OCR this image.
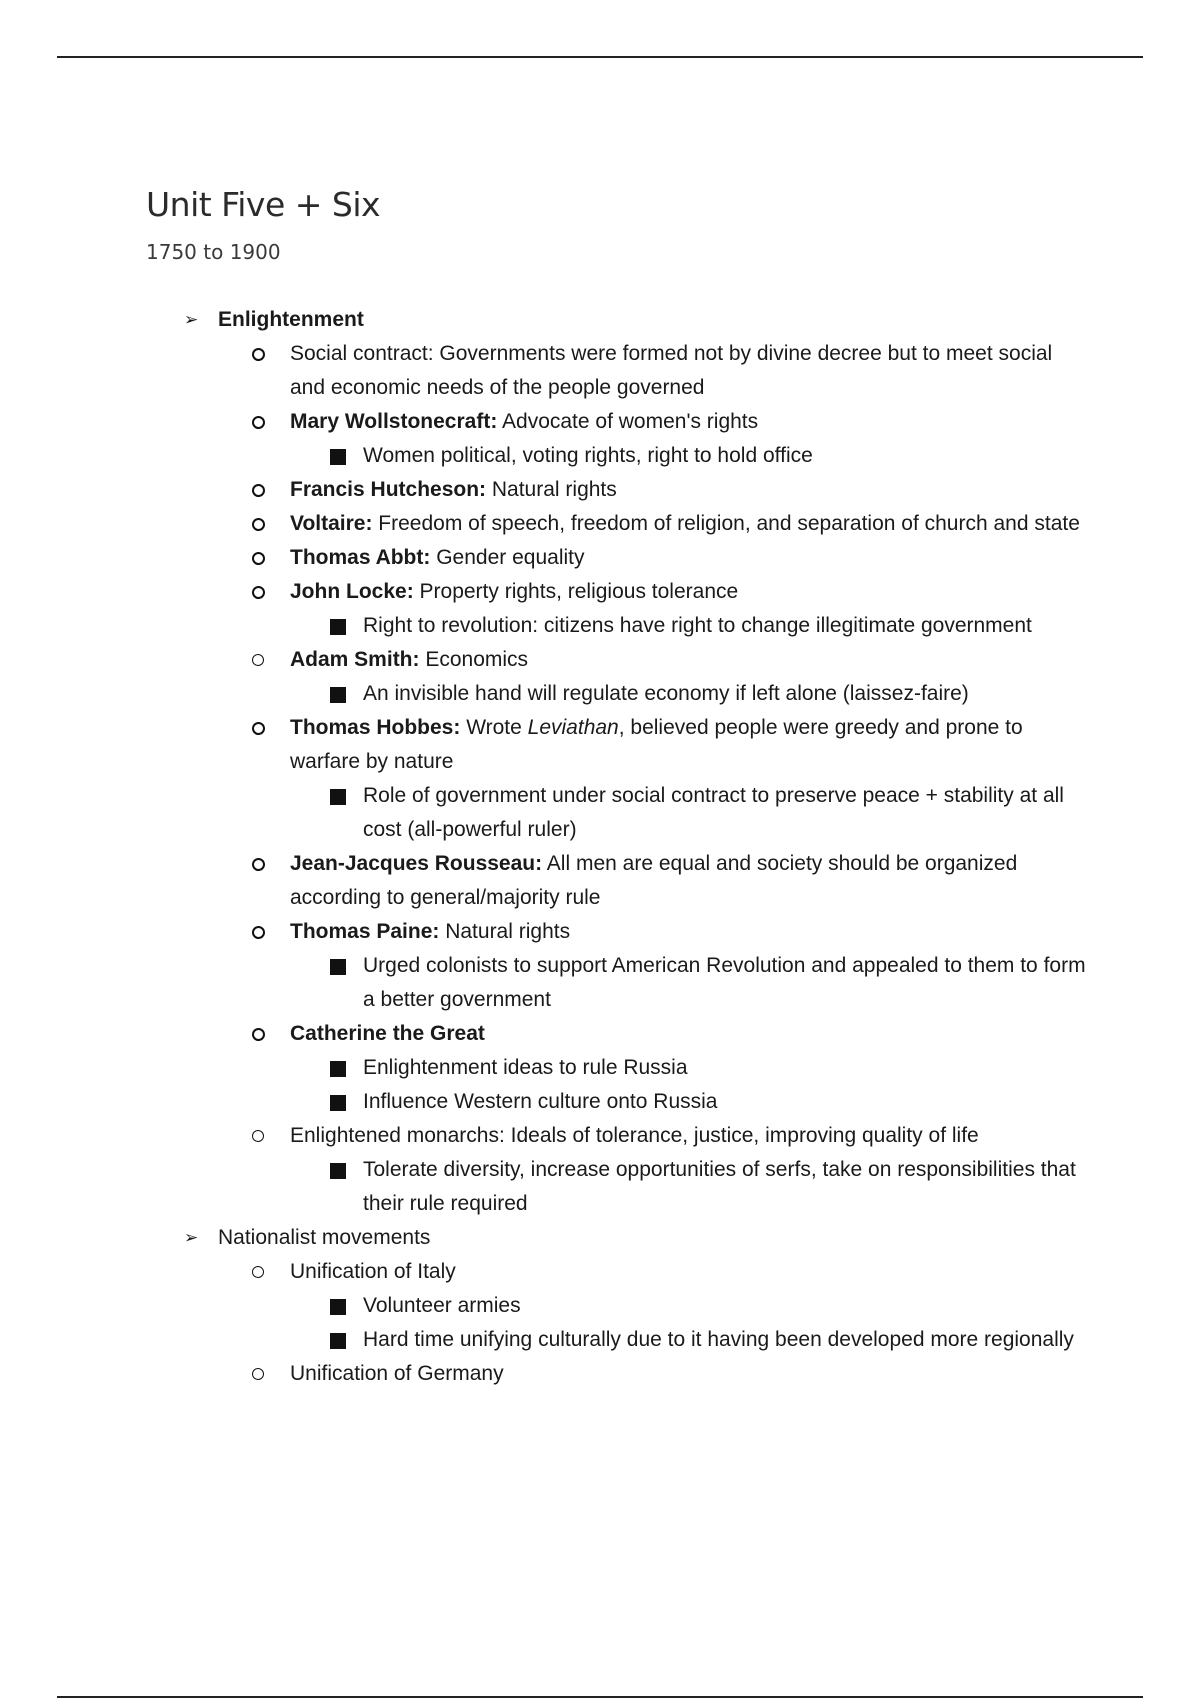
Unit Five + Six

1750 to 1900

➢ Enlightenment
Social contract: Governments were formed not by divine decree but to meet social and economic needs of the people governed
Mary Wollstonecraft: Advocate of women's rights
Women political, voting rights, right to hold office
Francis Hutcheson: Natural rights
Voltaire: Freedom of speech, freedom of religion, and separation of church and state
Thomas Abbt: Gender equality
John Locke: Property rights, religious tolerance
Right to revolution: citizens have right to change illegitimate government
Adam Smith: Economics
An invisible hand will regulate economy if left alone (laissez-faire)
Thomas Hobbes: Wrote Leviathan, believed people were greedy and prone to warfare by nature
Role of government under social contract to preserve peace + stability at all cost (all-powerful ruler)
Jean-Jacques Rousseau: All men are equal and society should be organized according to general/majority rule
Thomas Paine: Natural rights
Urged colonists to support American Revolution and appealed to them to form a better government
Catherine the Great
Enlightenment ideas to rule Russia
Influence Western culture onto Russia
Enlightened monarchs: Ideals of tolerance, justice, improving quality of life
Tolerate diversity, increase opportunities of serfs, take on responsibilities that their rule required
➢ Nationalist movements
Unification of Italy
Volunteer armies
Hard time unifying culturally due to it having been developed more regionally
Unification of Germany
